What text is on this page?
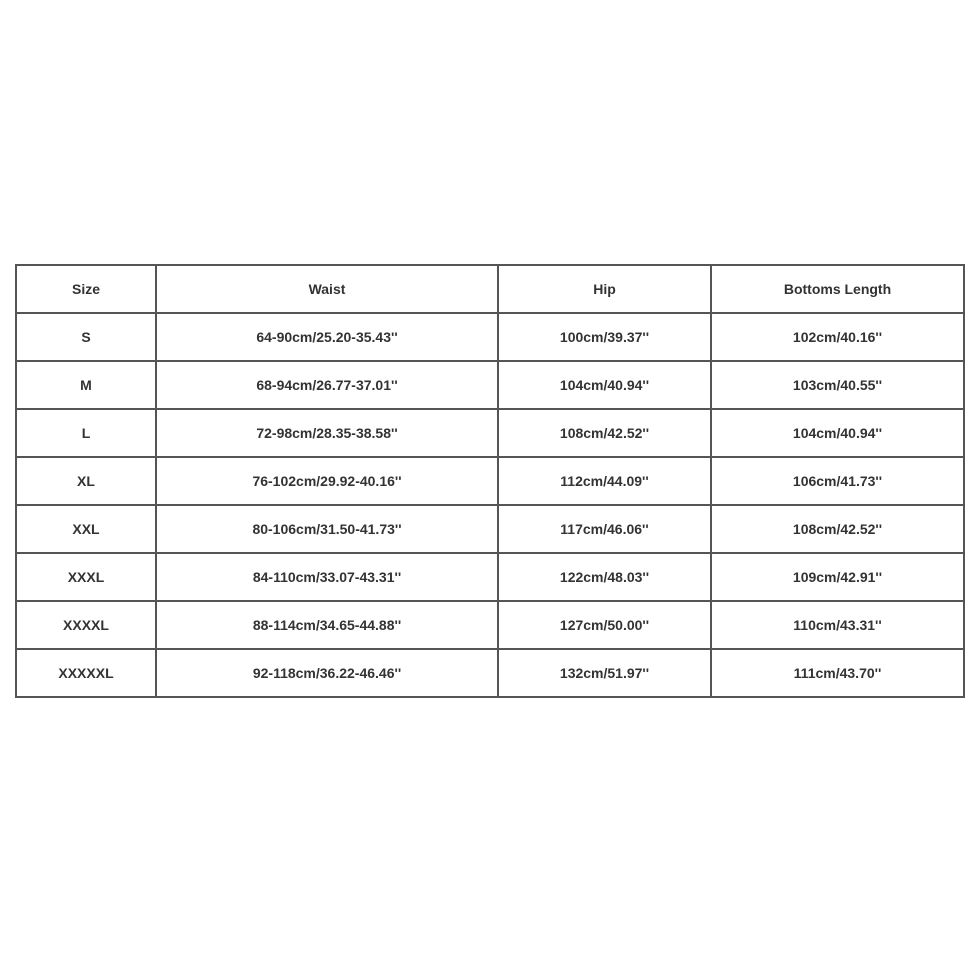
Size	Waist	Hip	Bottoms Length
S	64-90cm/25.20-35.43''	100cm/39.37''	102cm/40.16''
M	68-94cm/26.77-37.01''	104cm/40.94''	103cm/40.55''
L	72-98cm/28.35-38.58''	108cm/42.52''	104cm/40.94''
XL	76-102cm/29.92-40.16''	112cm/44.09''	106cm/41.73''
XXL	80-106cm/31.50-41.73''	117cm/46.06''	108cm/42.52''
XXXL	84-110cm/33.07-43.31''	122cm/48.03''	109cm/42.91''
XXXXL	88-114cm/34.65-44.88''	127cm/50.00''	110cm/43.31''
XXXXXL	92-118cm/36.22-46.46''	132cm/51.97''	111cm/43.70''
